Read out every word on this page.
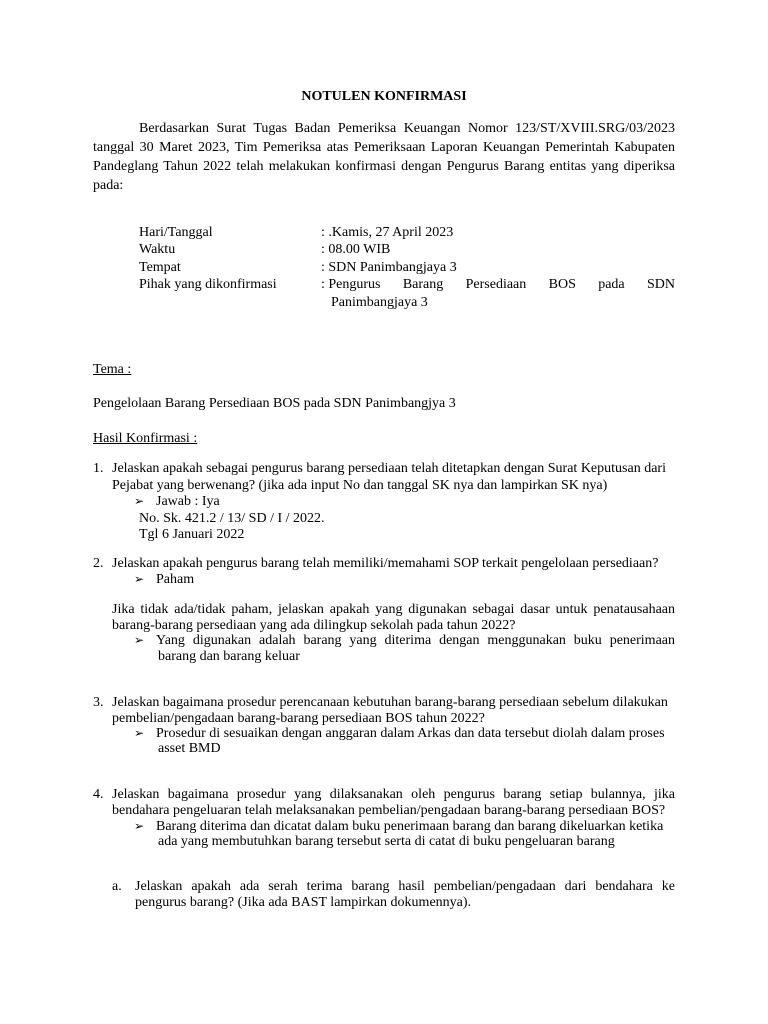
NOTULEN KONFIRMASI

Berdasarkan Surat Tugas Badan Pemeriksa Keuangan Nomor 123/ST/XVIII.SRG/03/2023 tanggal 30 Maret 2023, Tim Pemeriksa atas Pemeriksaan Laporan Keuangan Pemerintah Kabupaten Pandeglang Tahun 2022 telah melakukan konfirmasi dengan Pengurus Barang entitas yang diperiksa pada:

Hari/Tanggal	: .Kamis, 27 April 2023
Waktu	: 08.00 WIB
Tempat	: SDN Panimbangjaya 3
Pihak yang dikonfirmasi	: Pengurus Barang Persediaan BOS pada SDN
Panimbangjaya 3
Tema :
Pengelolaan Barang Persediaan BOS pada SDN Panimbangjya 3
Hasil Konfirmasi :
1. Jelaskan apakah sebagai pengurus barang persediaan telah ditetapkan dengan Surat Keputusan dari
Pejabat yang berwenang? (jika ada input No dan tanggal SK nya dan lampirkan SK nya)
➢ Jawab : Iya
No. Sk. 421.2 / 13/ SD / I / 2022.
Tgl 6 Januari 2022
2. Jelaskan apakah pengurus barang telah memiliki/memahami SOP terkait pengelolaan persediaan?
➢ Paham
Jika tidak ada/tidak paham, jelaskan apakah yang digunakan sebagai dasar untuk penatausahaan
barang-barang persediaan yang ada dilingkup sekolah pada tahun 2022?
➢ Yang digunakan adalah barang yang diterima dengan menggunakan buku penerimaan
barang dan barang keluar
3. Jelaskan bagaimana prosedur perencanaan kebutuhan barang-barang persediaan sebelum dilakukan
pembelian/pengadaan barang-barang persediaan BOS tahun 2022?
➢ Prosedur di sesuaikan dengan anggaran dalam Arkas dan data tersebut diolah dalam proses
asset BMD
4. Jelaskan bagaimana prosedur yang dilaksanakan oleh pengurus barang setiap bulannya, jika
bendahara pengeluaran telah melaksanakan pembelian/pengadaan barang-barang persediaan BOS?
➢ Barang diterima dan dicatat dalam buku penerimaan barang dan barang dikeluarkan ketika
ada yang membutuhkan barang tersebut serta di catat di buku pengeluaran barang
a. Jelaskan apakah ada serah terima barang hasil pembelian/pengadaan dari bendahara ke
pengurus barang? (Jika ada BAST lampirkan dokumennya).
